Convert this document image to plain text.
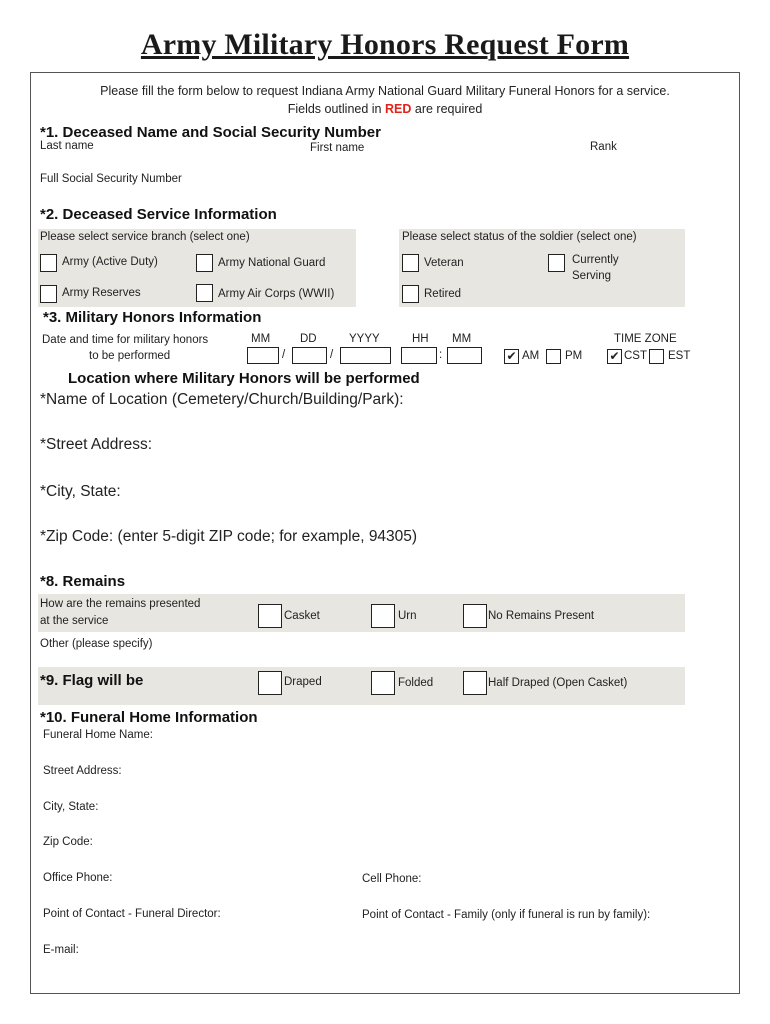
Army Military Honors Request Form
Please fill the form below to request Indiana Army National Guard Military Funeral Honors for a service.
Fields outlined in RED are required
*1. Deceased Name and Social Security Number
Last name	First name	Rank
Full Social Security Number
*2. Deceased Service Information
Please select service branch (select one)	Please select status of the soldier (select one)
Army (Active Duty)	Army National Guard
Army Reserves	Army Air Corps (WWII)
Veteran	Currently
Serving
Retired
*3. Military Honors Information
Date and time for military honors
to be performed
MM	DD	YYYY	HH MM
/	/	:	✔ AM PM
TIME ZONE
✔ CST EST
Location where Military Honors will be performed
*Name of Location (Cemetery/Church/Building/Park):
*Street Address:
*City, State:
*Zip Code: (enter 5-digit ZIP code; for example, 94305)
*8. Remains
How are the remains presented
at the service	Casket	Urn	No Remains Present
Other (please specify)
*9. Flag will be	Draped	Folded	Half Draped (Open Casket)
*10. Funeral Home Information
Funeral Home Name:
Street Address:
City, State:
Zip Code:
Office Phone:	Cell Phone:
Point of Contact - Funeral Director:	Point of Contact - Family (only if funeral is run by family):
E-mail:
